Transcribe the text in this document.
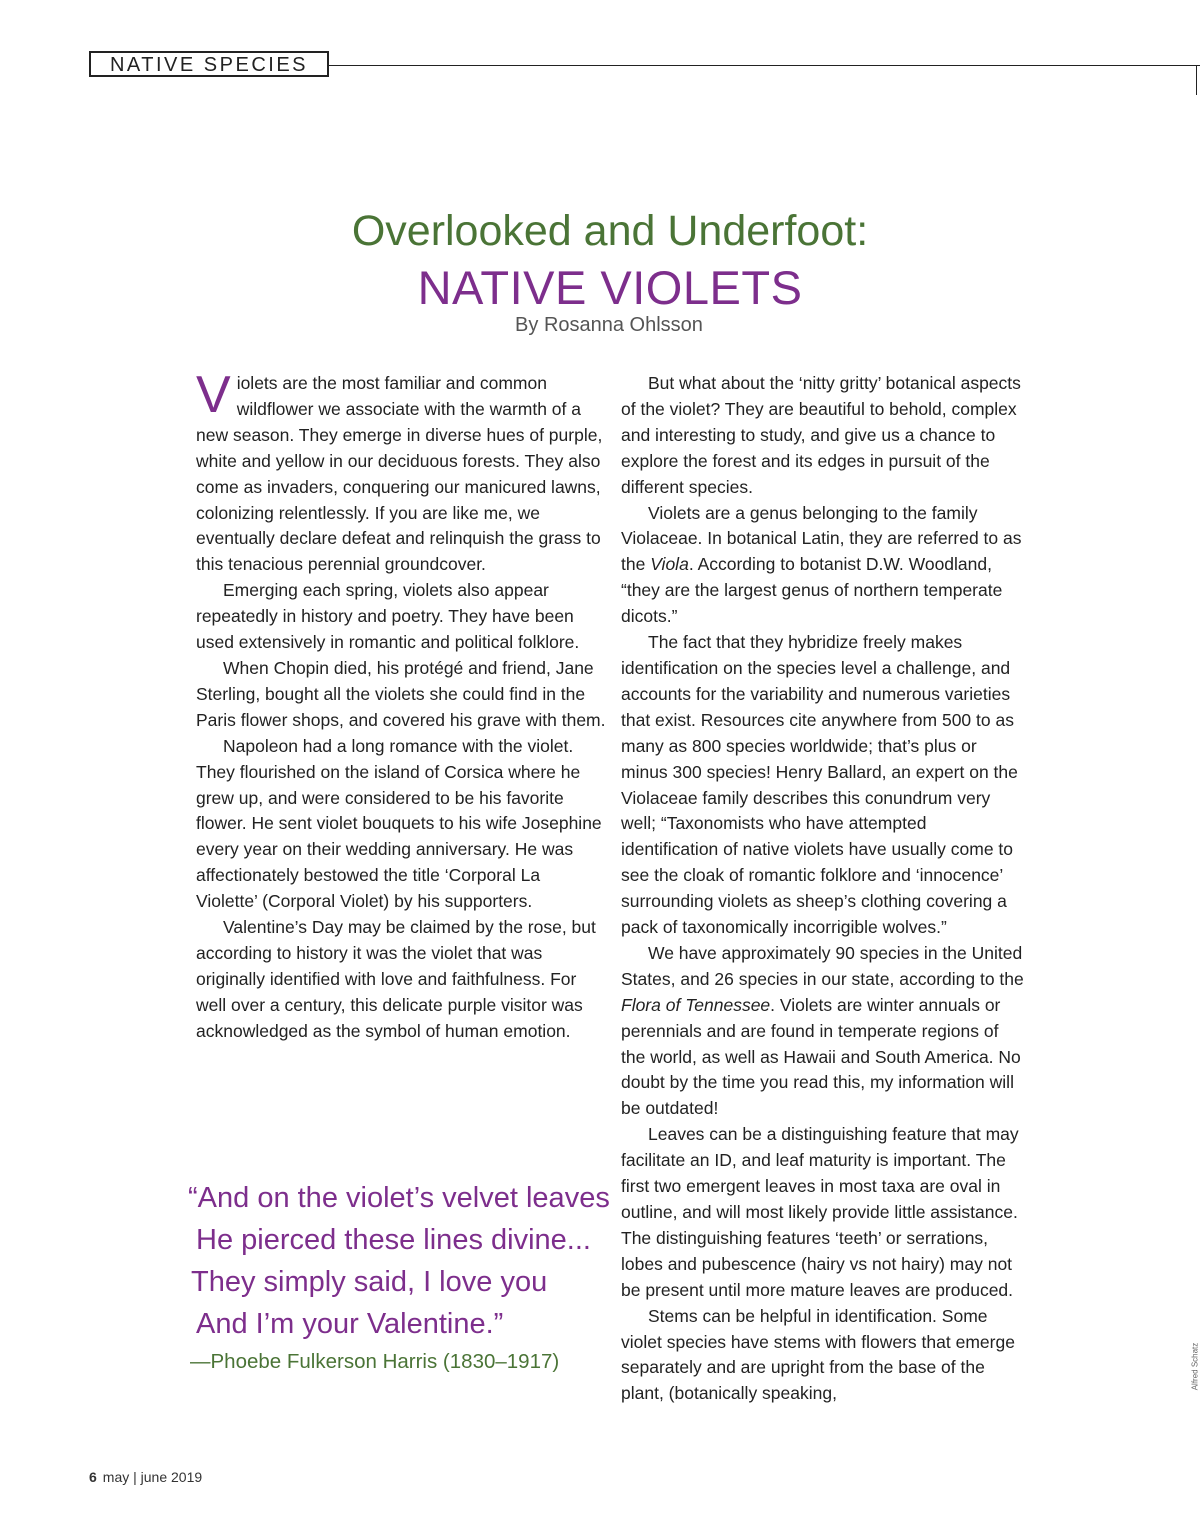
NATIVE SPECIES
Overlooked and Underfoot:
NATIVE VIOLETS
By Rosanna Ohlsson

Violets are the most familiar and common wildflower we associate with the warmth of a new season. They emerge in diverse hues of purple, white and yellow in our deciduous forests. They also come as invaders, conquering our manicured lawns, colonizing relentlessly. If you are like me, we eventually declare defeat and relinquish the grass to this tenacious perennial groundcover.

Emerging each spring, violets also appear repeatedly in history and poetry. They have been used extensively in romantic and political folklore.

When Chopin died, his protégé and friend, Jane Sterling, bought all the violets she could find in the Paris flower shops, and covered his grave with them.

Napoleon had a long romance with the violet. They flourished on the island of Corsica where he grew up, and were considered to be his favorite flower. He sent violet bouquets to his wife Josephine every year on their wedding anniversary. He was affectionately bestowed the title ‘Corporal La Violette’ (Corporal Violet) by his supporters.

Valentine’s Day may be claimed by the rose, but according to history it was the violet that was originally identified with love and faithfulness. For well over a century, this delicate purple visitor was acknowledged as the symbol of human emotion.

“And on the violet’s velvet leaves
He pierced these lines divine...
They simply said, I love you
And I’m your Valentine.”
—Phoebe Fulkerson Harris (1830–1917)

But what about the ‘nitty gritty’ botanical aspects of the violet? They are beautiful to behold, complex and interesting to study, and give us a chance to explore the forest and its edges in pursuit of the different species.

Violets are a genus belonging to the family Violaceae. In botanical Latin, they are referred to as the Viola. According to botanist D.W. Woodland, “they are the largest genus of northern temperate dicots.”

The fact that they hybridize freely makes identification on the species level a challenge, and accounts for the variability and numerous varieties that exist. Resources cite anywhere from 500 to as many as 800 species worldwide; that’s plus or minus 300 species! Henry Ballard, an expert on the Violaceae family describes this conundrum very well; “Taxonomists who have attempted identification of native violets have usually come to see the cloak of romantic folklore and ‘innocence’ surrounding violets as sheep’s clothing covering a pack of taxonomically incorrigible wolves.”

We have approximately 90 species in the United States, and 26 species in our state, according to the Flora of Tennessee. Violets are winter annuals or perennials and are found in temperate regions of the world, as well as Hawaii and South America. No doubt by the time you read this, my information will be outdated!

Leaves can be a distinguishing feature that may facilitate an ID, and leaf maturity is important. The first two emergent leaves in most taxa are oval in outline, and will most likely provide little assistance. The distinguishing features ‘teeth’ or serrations, lobes and pubescence (hairy vs not hairy) may not be present until more mature leaves are produced.

Stems can be helpful in identification. Some violet species have stems with flowers that emerge separately and are upright from the base of the plant, (botanically speaking,

6 may | june 2019
Alfred Schatz
